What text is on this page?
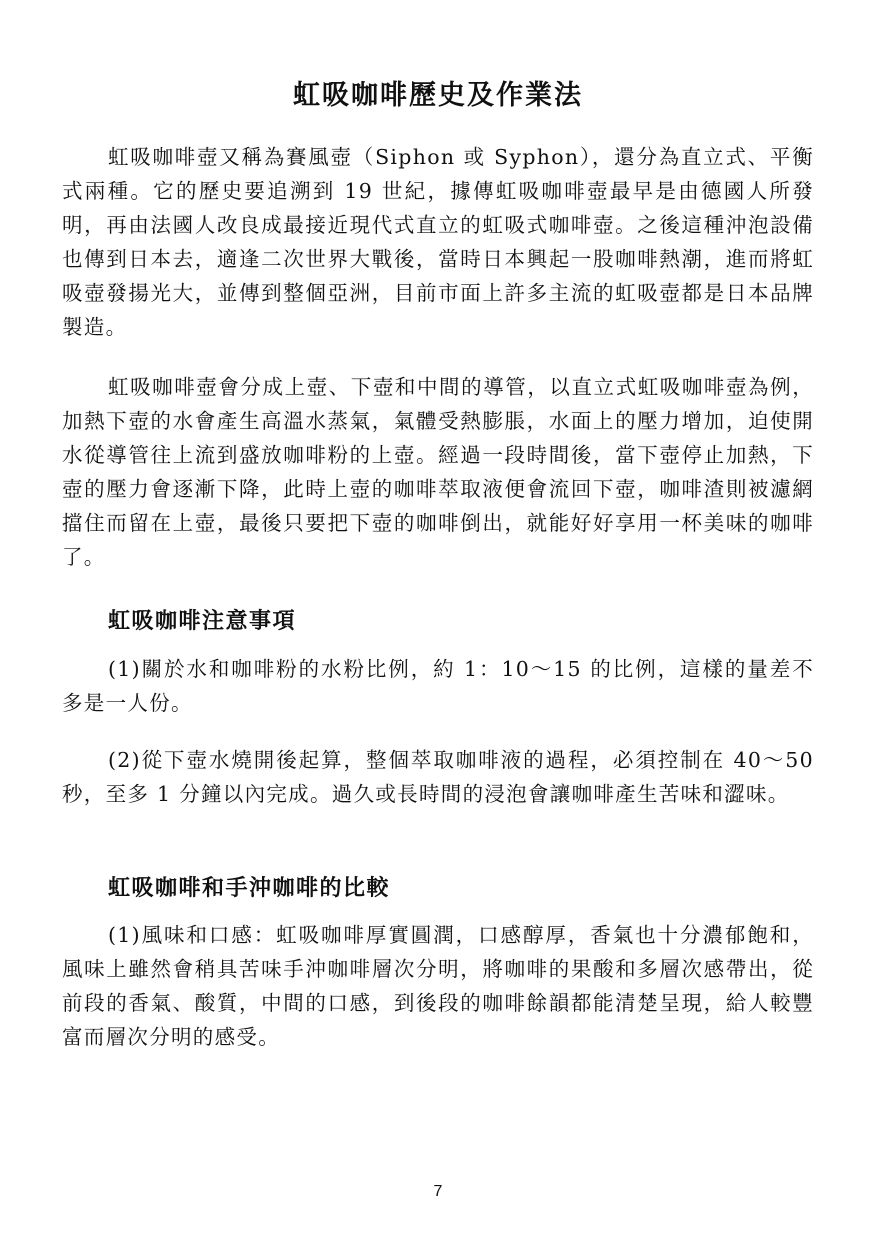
虹吸咖啡歷史及作業法

虹吸咖啡壺又稱為賽風壺（Siphon 或 Syphon），還分為直立式、平衡式兩種。它的歷史要追溯到 19 世紀，據傳虹吸咖啡壺最早是由德國人所發明，再由法國人改良成最接近現代式直立的虹吸式咖啡壺。之後這種沖泡設備也傳到日本去，適逢二次世界大戰後，當時日本興起一股咖啡熱潮，進而將虹吸壺發揚光大，並傳到整個亞洲，目前市面上許多主流的虹吸壺都是日本品牌製造。

虹吸咖啡壺會分成上壺、下壺和中間的導管，以直立式虹吸咖啡壺為例，加熱下壺的水會產生高溫水蒸氣，氣體受熱膨脹，水面上的壓力增加，迫使開水從導管往上流到盛放咖啡粉的上壺。經過一段時間後，當下壺停止加熱，下壺的壓力會逐漸下降，此時上壺的咖啡萃取液便會流回下壺，咖啡渣則被濾網擋住而留在上壺，最後只要把下壺的咖啡倒出，就能好好享用一杯美味的咖啡了。

虹吸咖啡注意事項

(1)關於水和咖啡粉的水粉比例，約 1：10～15 的比例，這樣的量差不多是一人份。

(2)從下壺水燒開後起算，整個萃取咖啡液的過程，必須控制在 40～50 秒，至多 1 分鐘以內完成。過久或長時間的浸泡會讓咖啡產生苦味和澀味。

虹吸咖啡和手沖咖啡的比較

(1)風味和口感：虹吸咖啡厚實圓潤，口感醇厚，香氣也十分濃郁飽和，風味上雖然會稍具苦味手沖咖啡層次分明，將咖啡的果酸和多層次感帶出，從前段的香氣、酸質，中間的口感，到後段的咖啡餘韻都能清楚呈現，給人較豐富而層次分明的感受。

7
